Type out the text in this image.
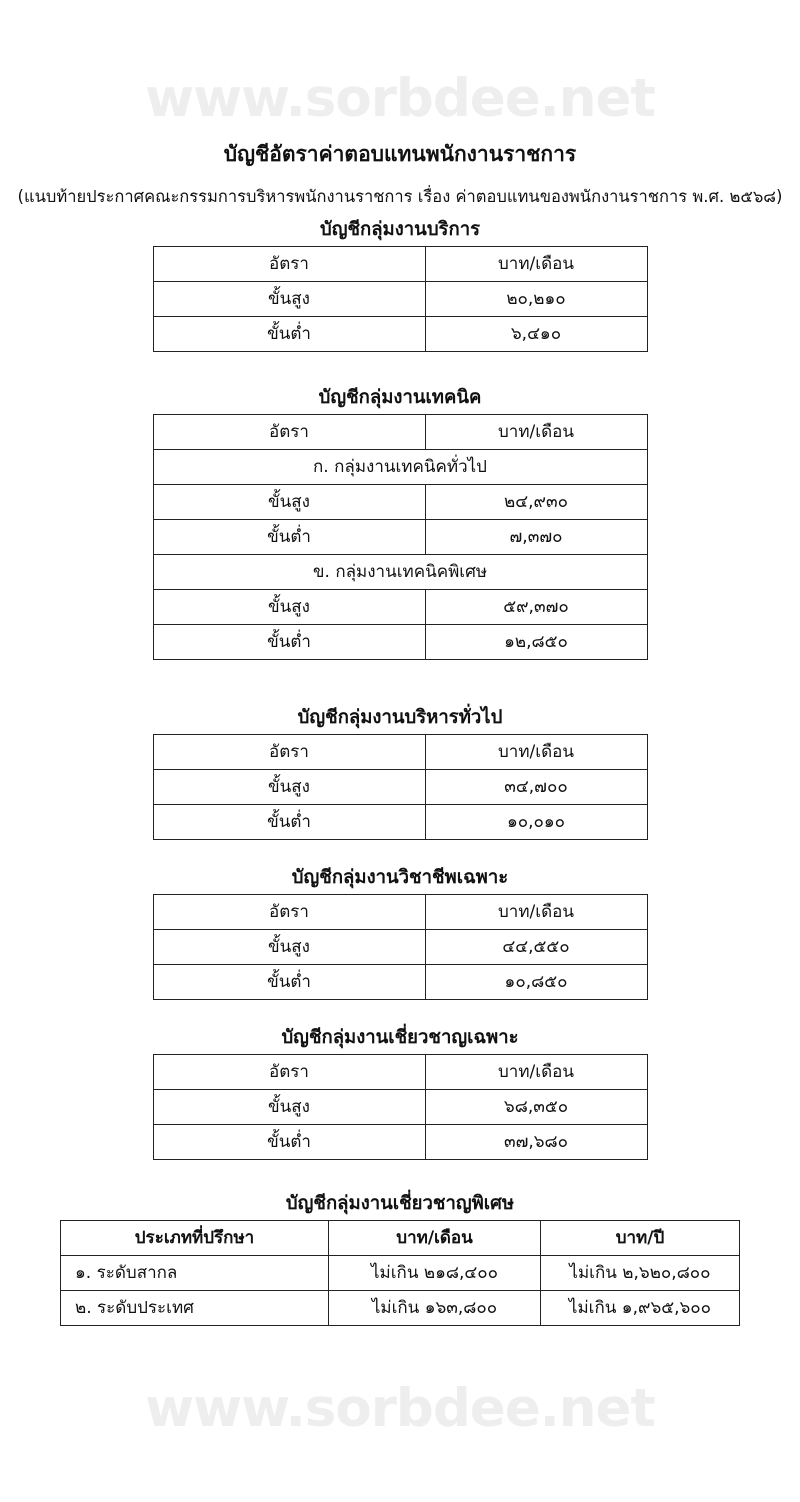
www.sorbdee.net
บัญชีอัตราค่าตอบแทนพนักงานราชการ
(แนบท้ายประกาศคณะกรรมการบริหารพนักงานราชการ เรื่อง ค่าตอบแทนของพนักงานราชการ พ.ศ. ๒๕๖๘)
บัญชีกลุ่มงานบริการ
อัตรา	บาท/เดือน
ขั้นสูง	๒๐,๒๑๐
ขั้นต่ำ	๖,๔๑๐
บัญชีกลุ่มงานเทคนิค
อัตรา	บาท/เดือน
ก. กลุ่มงานเทคนิคทั่วไป	
ขั้นสูง	๒๔,๙๓๐
ขั้นต่ำ	๗,๓๗๐
ข. กลุ่มงานเทคนิคพิเศษ	
ขั้นสูง	๕๙,๓๗๐
ขั้นต่ำ	๑๒,๘๕๐
บัญชีกลุ่มงานบริหารทั่วไป
อัตรา	บาท/เดือน
ขั้นสูง	๓๔,๗๐๐
ขั้นต่ำ	๑๐,๐๑๐
บัญชีกลุ่มงานวิชาชีพเฉพาะ
อัตรา	บาท/เดือน
ขั้นสูง	๔๔,๕๕๐
ขั้นต่ำ	๑๐,๘๕๐
บัญชีกลุ่มงานเชี่ยวชาญเฉพาะ
อัตรา	บาท/เดือน
ขั้นสูง	๖๘,๓๕๐
ขั้นต่ำ	๓๗,๖๘๐
บัญชีกลุ่มงานเชี่ยวชาญพิเศษ
ประเภทที่ปรึกษา	บาท/เดือน	บาท/ปี
๑. ระดับสากล	ไม่เกิน ๒๑๘,๔๐๐	ไม่เกิน ๒,๖๒๐,๘๐๐
๒. ระดับประเทศ	ไม่เกิน ๑๖๓,๘๐๐	ไม่เกิน ๑,๙๖๕,๖๐๐
www.sorbdee.net
